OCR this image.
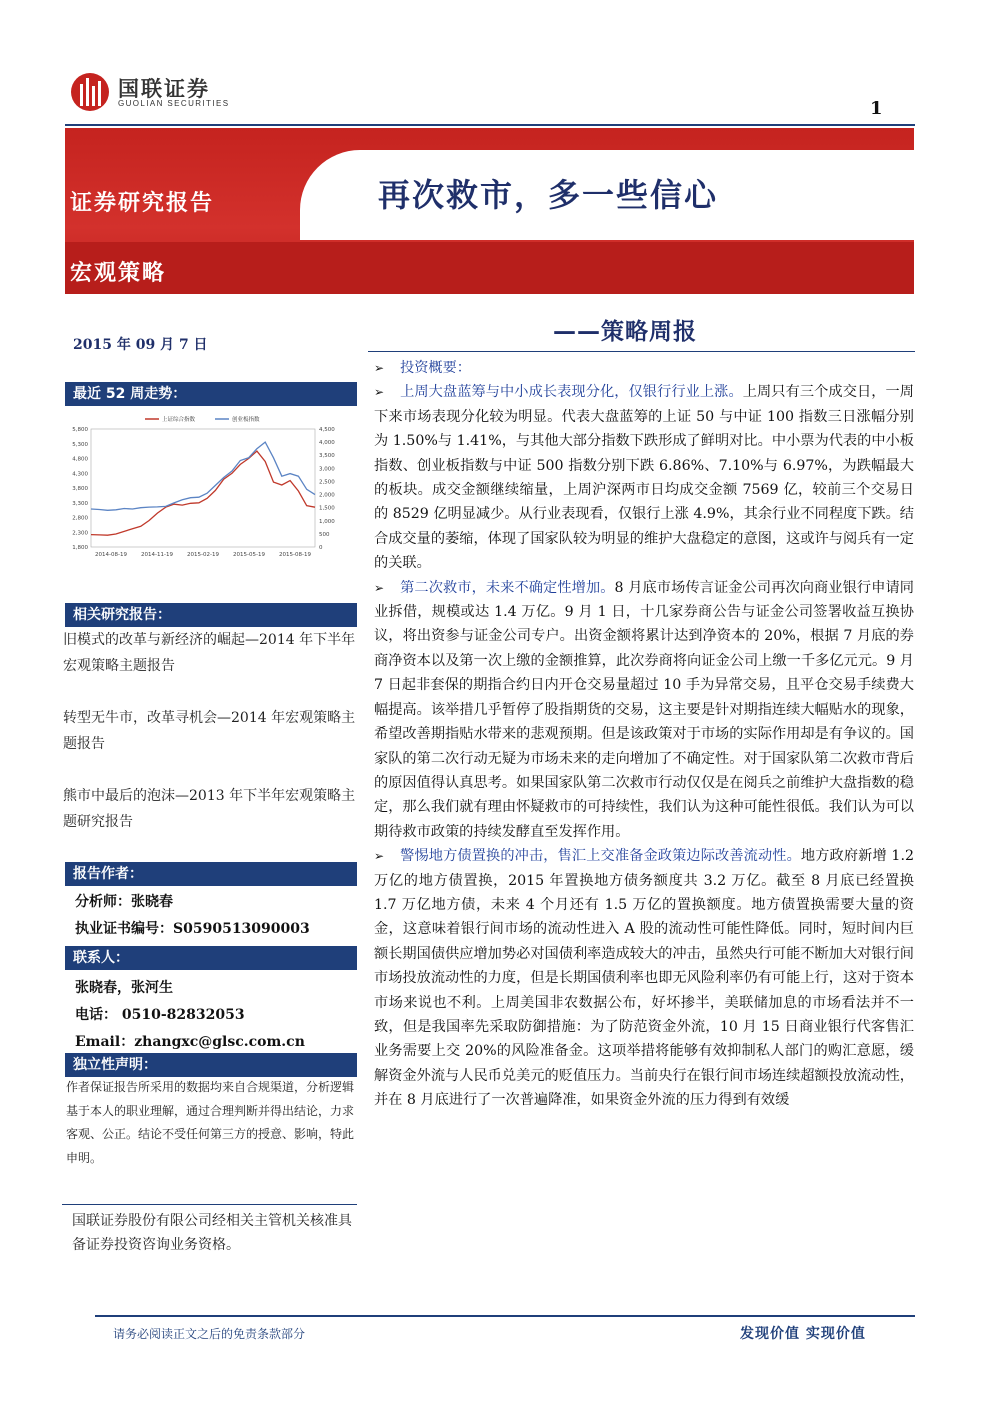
国联证券
GUOLIAN SECURITIES	1
再次救市，多一些信心
证券研究报告
宏观策略
2015 年 09 月 7 日	——策略周报
最近 52 周走势：
5,800
5,300
4,800
4,300
3,800
3,300
2,800
2,300
1,800
4,500
4,000
3,500
3,000
2,500
2,000
1,500
1,000
500
0
2014-08-19	2014-11-19	2015-02-19	2015-05-19	2015-08-19
上证综合指数	创业板指数
相关研究报告：
旧模式的改革与新经济的崛起—2014 年下半年宏观策略主题报告
转型无牛市，改革寻机会—2014 年宏观策略主题报告
熊市中最后的泡沫—2013 年下半年宏观策略主题研究报告
报告作者：
分析师：张晓春
执业证书编号：S0590513090003
联系人：
张晓春，张河生
电话： 0510-82832053
Email：zhangxc@glsc.com.cn
独立性声明：
作者保证报告所采用的数据均来自合规渠道，分析逻辑基于本人的职业理解，通过合理判断并得出结论，力求客观、公正。结论不受任何第三方的授意、影响，特此申明。
国联证券股份有限公司经相关主管机关核准具备证券投资咨询业务资格。

➢ 投资概要：

➢ 上周大盘蓝筹与中小成长表现分化，仅银行行业上涨。上周只有三个成交日，一周下来市场表现分化较为明显。代表大盘蓝筹的上证 50 与中证 100 指数三日涨幅分别为 1.50%与 1.41%，与其他大部分指数下跌形成了鲜明对比。中小票为代表的中小板指数、创业板指数与中证 500 指数分别下跌 6.86%、7.10%与 6.97%，为跌幅最大的板块。成交金额继续缩量，上周沪深两市日均成交金额 7569 亿，较前三个交易日的 8529 亿明显减少。从行业表现看，仅银行上涨 4.9%，其余行业不同程度下跌。结合成交量的萎缩，体现了国家队较为明显的维护大盘稳定的意图，这或许与阅兵有一定的关联。

➢ 第二次救市，未来不确定性增加。8 月底市场传言证金公司再次向商业银行申请同业拆借，规模或达 1.4 万亿。9 月 1 日，十几家券商公告与证金公司签署收益互换协议，将出资参与证金公司专户。出资金额将累计达到净资本的 20%，根据 7 月底的券商净资本以及第一次上缴的金额推算，此次券商将向证金公司上缴一千多亿元元。9 月 7 日起非套保的期指合约日内开仓交易量超过 10 手为异常交易，且平仓交易手续费大幅提高。该举措几乎暂停了股指期货的交易，这主要是针对期指连续大幅贴水的现象，希望改善期指贴水带来的悲观预期。但是该政策对于市场的实际作用却是有争议的。国家队的第二次行动无疑为市场未来的走向增加了不确定性。对于国家队第二次救市背后的原因值得认真思考。如果国家队第二次救市行动仅仅是在阅兵之前维护大盘指数的稳定，那么我们就有理由怀疑救市的可持续性，我们认为这种可能性很低。我们认为可以期待救市政策的持续发酵直至发挥作用。

➢ 警惕地方债置换的冲击，售汇上交准备金政策边际改善流动性。地方政府新增 1.2 万亿的地方债置换，2015 年置换地方债务额度共 3.2 万亿。截至 8 月底已经置换 1.7 万亿地方债，未来 4 个月还有 1.5 万亿的置换额度。地方债置换需要大量的资金，这意味着银行间市场的流动性进入 A 股的流动性可能性降低。同时，短时间内巨额长期国债供应增加势必对国债利率造成较大的冲击，虽然央行可能不断加大对银行间市场投放流动性的力度，但是长期国债利率也即无风险利率仍有可能上行，这对于资本市场来说也不利。上周美国非农数据公布，好坏掺半，美联储加息的市场看法并不一致，但是我国率先采取防御措施：为了防范资金外流，10 月 15 日商业银行代客售汇业务需要上交 20%的风险准备金。这项举措将能够有效抑制私人部门的购汇意愿，缓解资金外流与人民币兑美元的贬值压力。当前央行在银行间市场连续超额投放流动性，并在 8 月底进行了一次普遍降准，如果资金外流的压力得到有效缓

请务必阅读正文之后的免责条款部分	发现价值 实现价值
